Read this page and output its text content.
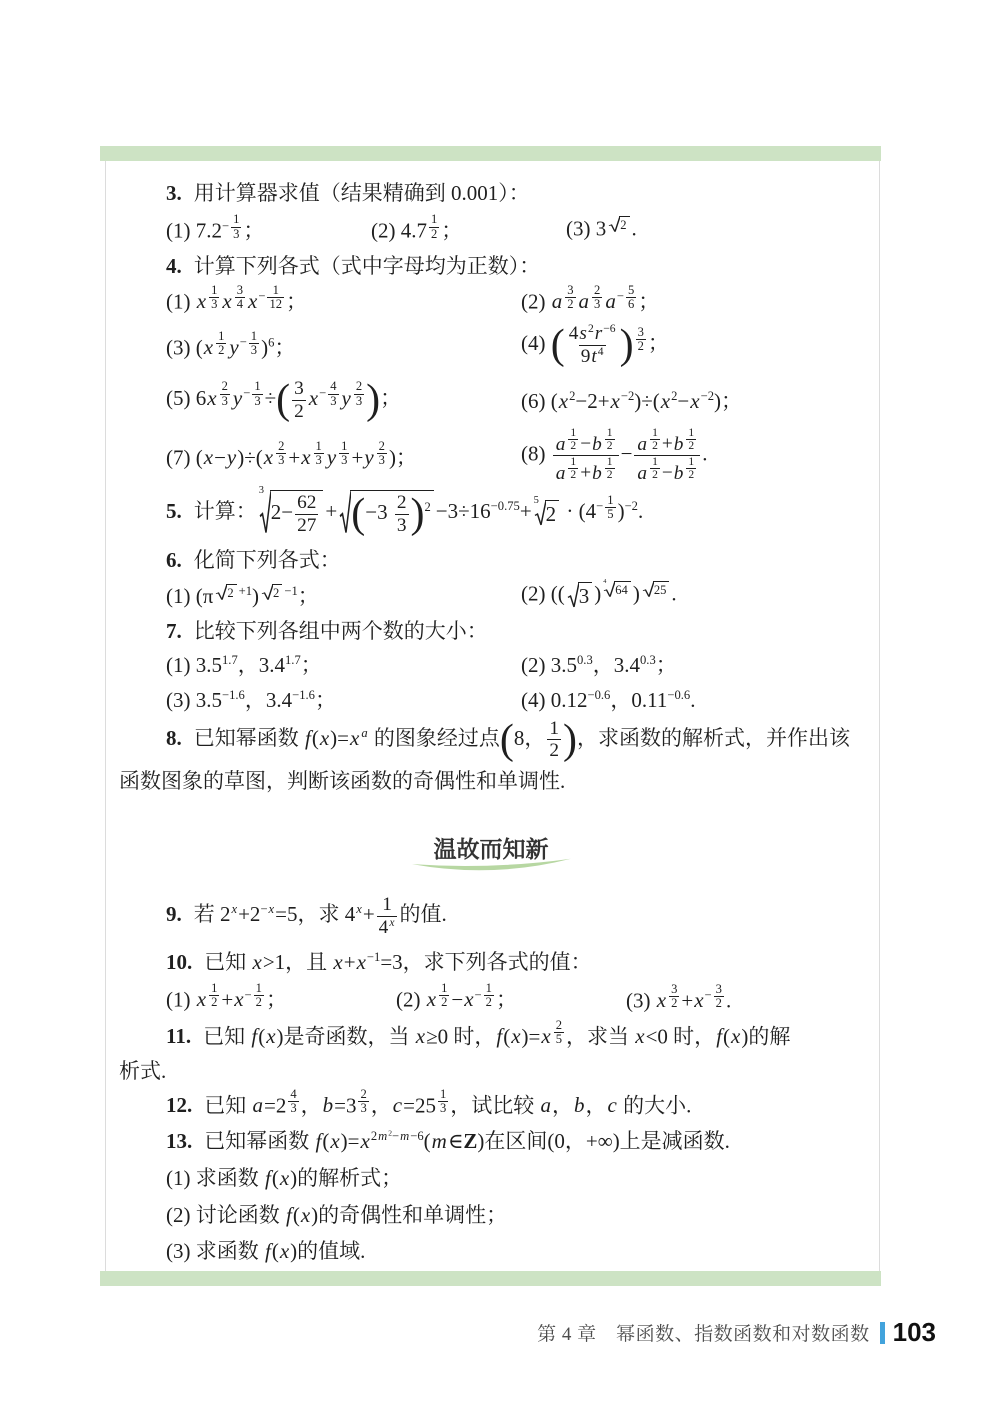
3. 用计算器求值（结果精确到 0.001）：
(1) $7.2^{- \frac{1}{3}}$ ；	(2) 4.7 $^{\frac{1}{2}}$ ；	(3) 3 $^2$ .
4. 计算下列各式（式中字母均为正数）：
(1) x $^{\frac{1}{3}}$ x $^{\frac{3}{4}}$ $x^{- \frac{1}{12}}$ ；	(2) a $^{\frac{3}{2}}$ a $^{\frac{2}{3}}$ $a^{- \frac{5}{6}}$ ；
(3) (x $^{\frac{1}{2}}$ $y^{- \frac{1}{3}}$ )$^6$；	(4) ( $\frac{4s^2r^{-6}}{9t^4}$ ) $^{\frac{3}{2}}$ ；
(5) 6x $^{\frac{2}{3}}$ $y^{- \frac{1}{3}}$ ÷( $\frac{3}{2} x^{- \frac{4}{3}}$ y $^{\frac{2}{3}}$ )；	(6) $(x^2-2+x^{-2})\div(x^2-x^{-2})$；
(7) (x−y)÷(x $^{\frac{2}{3}}$ +x $^{\frac{1}{3}}$ y $^{\frac{1}{3}}$ +y $^{\frac{2}{3}}$ )；	(8) a $^{\frac{1}{2}}$ −b $^{\frac{1}{2}}$
a $^{\frac{1}{2}}$ +b $^{\frac{1}{2}}$ − a $^{\frac{1}{2}}$ +b $^{\frac{1}{2}}$
a $^{\frac{1}{2}}$ −b $^{\frac{1}{2}}$ .
5. 计算：
3
$2- \frac{62}{27} + (-3 \frac{2}{3} )^2 -3\div 16^{-0.75}+ 5$
$2 \cdot (4^{- \frac{1}{5}}$ )$^{-2}$.
6. 化简下列各式：
(1) (π $^{2 +1}$) $^{2 -1}$；	(2) (( 3 ) $^{4 64}$ ) $^{25}$ .
7. 比较下列各组中两个数的大小：
(1) $3.5^{1.7}$，$3.4^{1.7}$；	(2) $3.5^{0.3}$，$3.4^{0.3}$；
(3) $3.5^{-1.6}$，$3.4^{-1.6}$；	(4) $0.12^{-0.6}$，$0.11^{-0.6}$.
8. 已知幂函数 f(x)=x $^a$ 的图象经过点(8， $\frac{1}{2}$ )，求函数的解析式，并作出该
函数图象的草图，判断该函数的奇偶性和单调性.
温故而知新
9. 若 $2^x+2^{-x}=5$，求 $4^x+ \frac{1}{4^x}$ 的值.
10. 已知 x>1，且 $x+x^{-1}=3$，求下列各式的值：
(1) x $^{\frac{1}{2}} +x^{- \frac{1}{2}}$ ；	(2) x $^{\frac{1}{2}} -x^{- \frac{1}{2}}$ ；	(3) x $^{\frac{3}{2}} +x^{- \frac{3}{2}}$ .
11. 已知 f(x)是奇函数，当 x≥0 时，f(x)=x $^{\frac{2}{5}}$ ，求当 x<0 时，f(x)的解
析式.
12. 已知 a=2 $^{\frac{4}{3}}$ ，b=3 $^{\frac{2}{3}}$ ，c=25 $^{\frac{1}{3}}$ ，试比较 a，b，c 的大小.
13. 已知幂函数 $f(x)=x^{2m^2-m-6}(m\in Z)$在区间(0，+∞)上是减函数.
(1) 求函数 f(x)的解析式；
(2) 讨论函数 f(x)的奇偶性和单调性；
(3) 求函数 f(x)的值域.
第 4 章　幂函数、指数函数和对数函数 103
